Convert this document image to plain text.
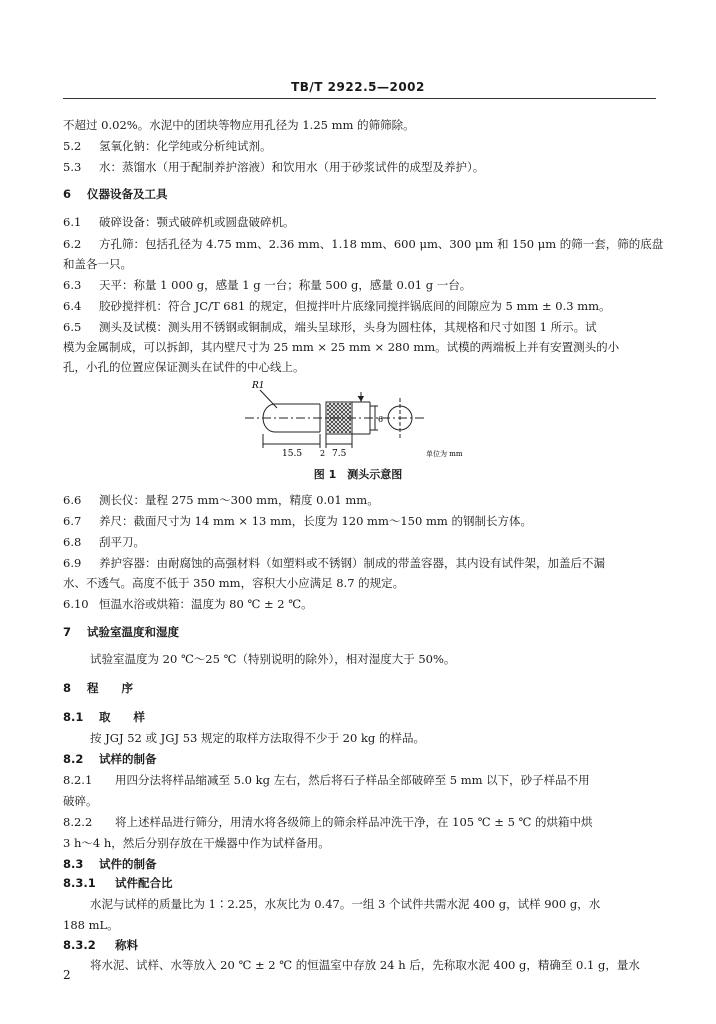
TB/T 2922.5—2002
不超过 0.02%。水泥中的团块等物应用孔径为 1.25 mm 的筛筛除。
5.2 氢氧化钠：化学纯或分析纯试剂。
5.3 水：蒸馏水（用于配制养护溶液）和饮用水（用于砂浆试件的成型及养护）。
6 仪器设备及工具
6.1 破碎设备：颚式破碎机或圆盘破碎机。
6.2 方孔筛：包括孔径为 4.75 mm、2.36 mm、1.18 mm、600 μm、300 μm 和 150 μm 的筛一套，筛的底盘
和盖各一只。
6.3 天平：称量 1 000 g，感量 1 g 一台；称量 500 g，感量 0.01 g 一台。
6.4 胶砂搅拌机：符合 JC/T 681 的规定，但搅拌叶片底缘同搅拌锅底间的间隙应为 5 mm ± 0.3 mm。
6.5 测头及试模：测头用不锈钢或铜制成，端头呈球形，头身为圆柱体，其规格和尺寸如图 1 所示。试
模为金属制成，可以拆卸，其内壁尺寸为 25 mm × 25 mm × 280 mm。试模的两端板上并有安置测头的小
孔，小孔的位置应保证测头在试件的中心线上。
R1
15.5 2 7.5
6
单位为 mm
图 1　测头示意图
6.6 测长仪：量程 275 mm～300 mm，精度 0.01 mm。
6.7 养尺：截面尺寸为 14 mm × 13 mm，长度为 120 mm～150 mm 的钢制长方体。
6.8 刮平刀。
6.9 养护容器：由耐腐蚀的高强材料（如塑料或不锈钢）制成的带盖容器，其内设有试件架，加盖后不漏
水、不透气。高度不低于 350 mm，容积大小应满足 8.7 的规定。
6.10 恒温水浴或烘箱：温度为 80 ℃ ± 2 ℃。
7 试验室温度和湿度
试验室温度为 20 ℃～25 ℃（特别说明的除外），相对湿度大于 50%。
8 程　　序
8.1 取　　样
按 JGJ 52 或 JGJ 53 规定的取样方法取得不少于 20 kg 的样品。
8.2 试样的制备
8.2.1 用四分法将样品缩减至 5.0 kg 左右，然后将石子样品全部破碎至 5 mm 以下，砂子样品不用
破碎。
8.2.2 将上述样品进行筛分，用清水将各级筛上的筛余样品冲洗干净，在 105 ℃ ± 5 ℃ 的烘箱中烘
3 h～4 h，然后分别存放在干燥器中作为试样备用。
8.3 试件的制备
8.3.1 试件配合比
水泥与试样的质量比为 1∶2.25，水灰比为 0.47。一组 3 个试件共需水泥 400 g，试样 900 g，水
188 mL。
8.3.2 称料
将水泥、试样、水等放入 20 ℃ ± 2 ℃ 的恒温室中存放 24 h 后，先称取水泥 400 g，精确至 0.1 g，量水
2
